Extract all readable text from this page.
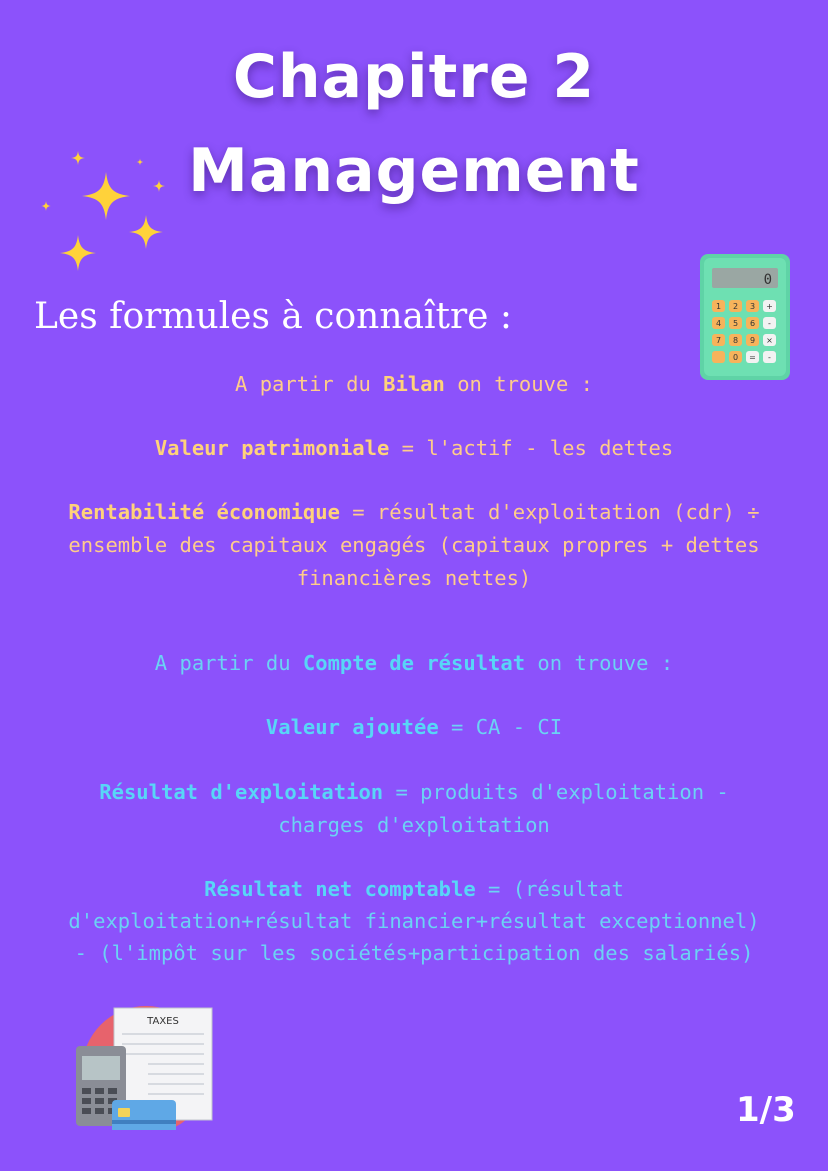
Chapitre 2
Management
0
1 2 3 +
4 5 6 -
7 8 9 ×
0 = -
Les formules à connaître :
A partir du Bilan on trouve :
Valeur patrimoniale = l'actif - les dettes
Rentabilité économique = résultat d'exploitation (cdr) ÷
ensemble des capitaux engagés (capitaux propres + dettes
financières nettes)
A partir du Compte de résultat on trouve :
Valeur ajoutée = CA - CI
Résultat d'exploitation = produits d'exploitation -
charges d'exploitation
Résultat net comptable = (résultat
d'exploitation+résultat financier+résultat exceptionnel)
- (l'impôt sur les sociétés+participation des salariés)
TAXES
1/3
